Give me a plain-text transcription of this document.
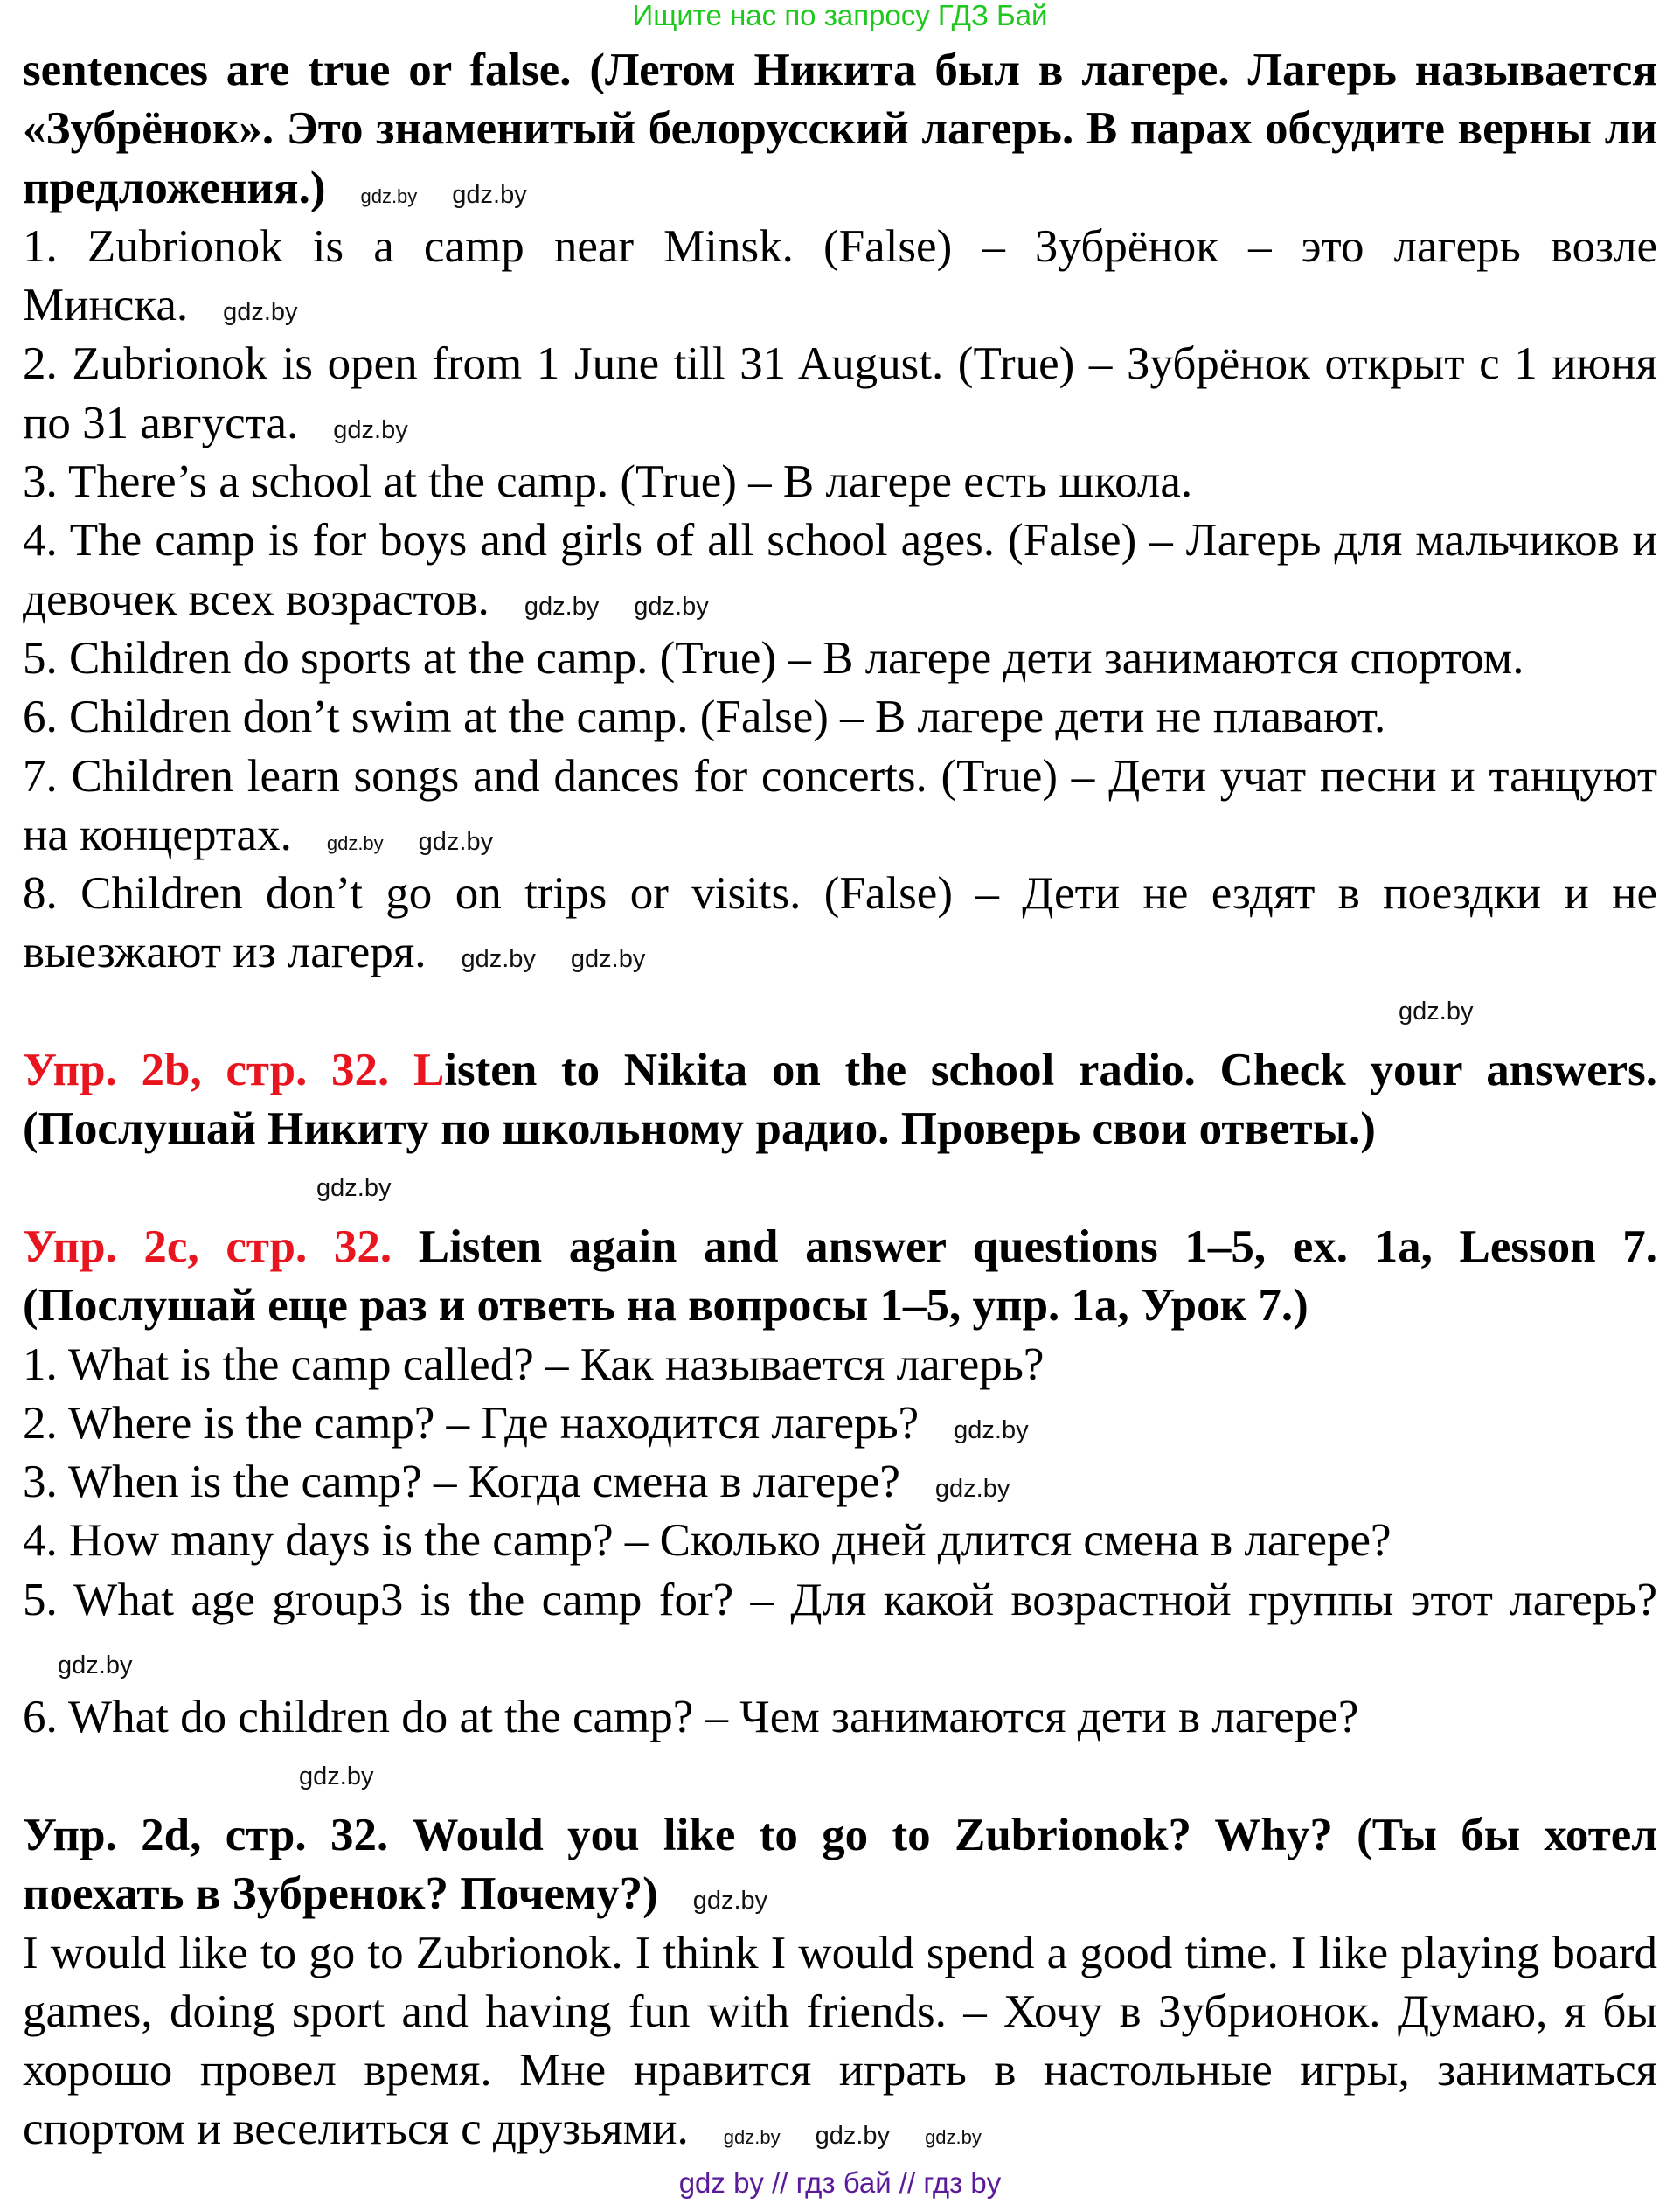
Ищите нас по запросу ГДЗ Бай

sentences are true or false. (Летом Никита был в лагере. Лагерь называется «Зубрёнок». Это знаменитый белорусский лагерь. В парах обсудите верны ли предложения.) gdz.by gdz.by

1. Zubrionok is a camp near Minsk. (False) – Зубрёнок – это лагерь возле Минска. gdz.by

2. Zubrionok is open from 1 June till 31 August. (True) – Зубрёнок открыт с 1 июня по 31 августа. gdz.by

3. There’s a school at the camp. (True) – В лагере есть школа.

4. The camp is for boys and girls of all school ages. (False) – Лагерь для мальчиков и девочек всех возрастов. gdz.by gdz.by

5. Children do sports at the camp. (True) – В лагере дети занимаются спортом.

6. Children don’t swim at the camp. (False) – В лагере дети не плавают.

7. Children learn songs and dances for concerts. (True) – Дети учат песни и танцуют на концертах. gdz.by gdz.by

8. Children don’t go on trips or visits. (False) – Дети не ездят в поездки и не выезжают из лагеря. gdz.by gdz.by

gdz.by

Упр. 2b, стр. 32. Listen to Nikita on the school radio. Check your answers. (Послушай Никиту по школьному радио. Проверь свои ответы.)

gdz.by

Упр. 2c, стр. 32. Listen again and answer questions 1–5, ex. 1a, Lesson 7. (Послушай еще раз и ответь на вопросы 1–5, упр. 1a, Урок 7.)

1. What is the camp called? – Как называется лагерь?

2. Where is the camp? – Где находится лагерь? gdz.by

3. When is the camp? – Когда смена в лагере? gdz.by

4. How many days is the camp? – Сколько дней длится смена в лагере?

5. What age group3 is the camp for? – Для какой возрастной группы этот лагерь?gdz.by

6. What do children do at the camp? – Чем занимаются дети в лагере?

gdz.by

Упр. 2d, стр. 32. Would you like to go to Zubrionok? Why? (Ты бы хотел поехать в Зубренок? Почему?) gdz.by

I would like to go to Zubrionok. I think I would spend a good time. I like playing board games, doing sport and having fun with friends. – Хочу в Зубрионок. Думаю, я бы хорошо провел время. Мне нравится играть в настольные игры, заниматься спортом и веселиться с друзьями. gdz.by gdz.by gdz.by

gdz by // гдз бай // гдз by
